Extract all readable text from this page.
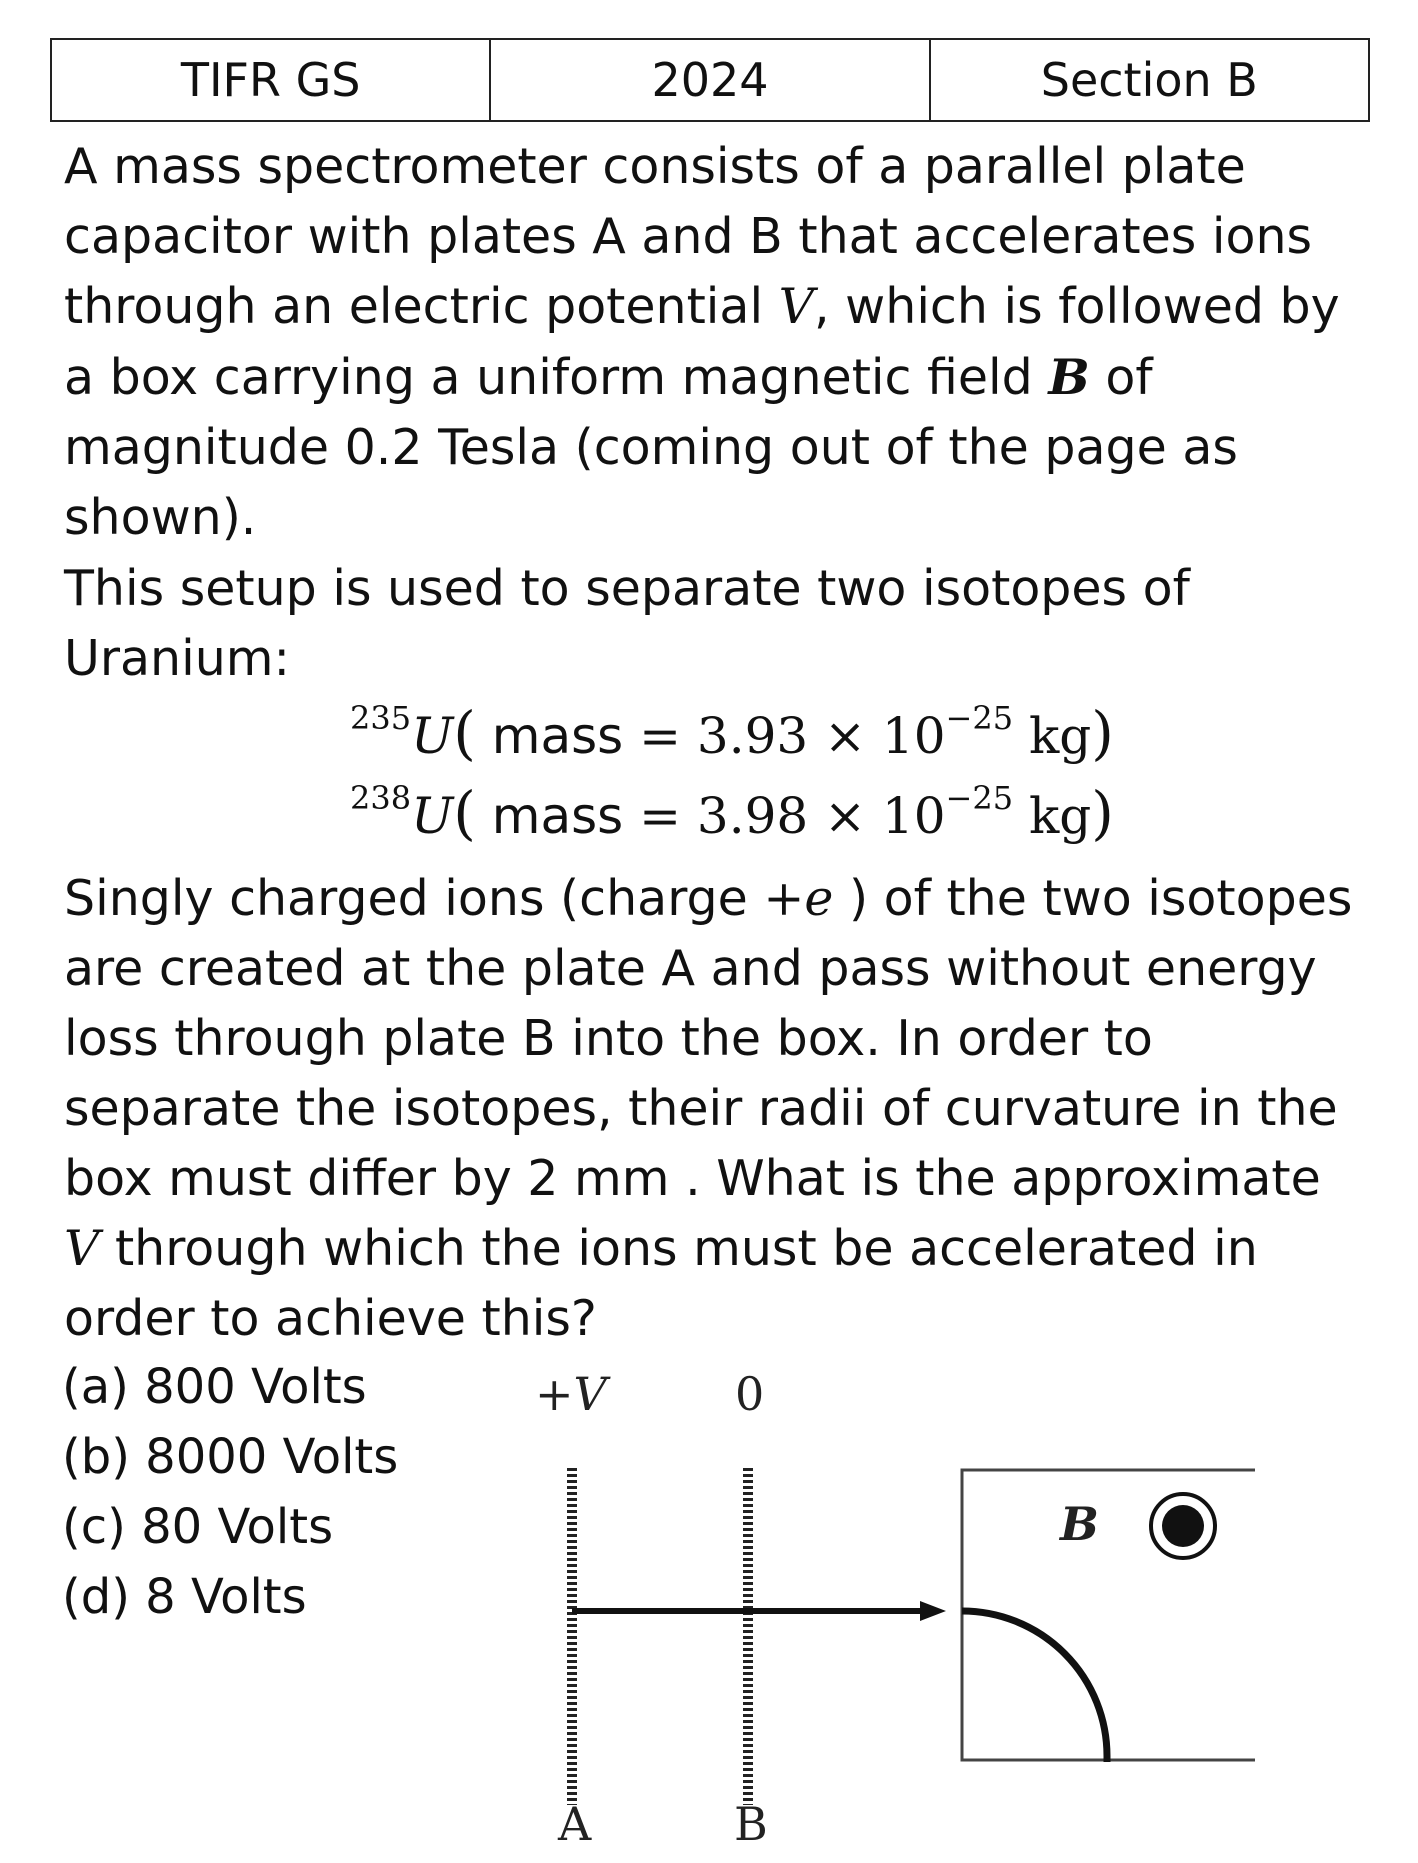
TIFR GS	2024	Section B

A mass spectrometer consists of a parallel plate capacitor with plates A and B that accelerates ions through an electric potential V, which is followed by a box carrying a uniform magnetic field B of magnitude 0.2 Tesla (coming out of the page as shown).

This setup is used to separate two isotopes of Uranium:

$^{235}$U( mass = $3.93 \times 10^{-25}$ kg)
$^{238}$U( mass = $3.98 \times 10^{-25}$ kg)

Singly charged ions (charge +e ) of the two isotopes are created at the plate A and pass without energy loss through plate B into the box. In order to separate the isotopes, their radii of curvature in the box must differ by 2 mm . What is the approximate V through which the ions must be accelerated in order to achieve this?

(a) 800 Volts
(b) 8000 Volts
(c) 80 Volts
(d) 8 Volts
+V	0
B
A	B
